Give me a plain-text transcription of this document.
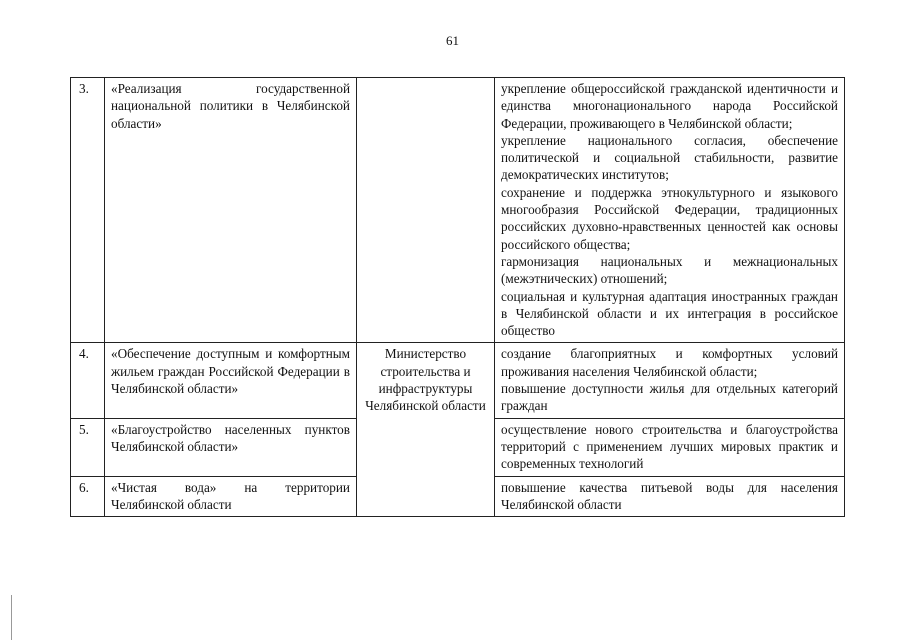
61
3.	«Реализация государственной национальной политики в Челябинской области»		укрепление общероссийской гражданской идентичности и единства многонационального народа Российской Федерации, проживающего в Челябинской области;
укрепление национального согласия, обеспечение политической и социальной стабильности, развитие демократических институтов;
сохранение и поддержка этнокультурного и языкового многообразия Российской Федерации, традиционных российских духовно-нравственных ценностей как основы российского общества;
гармонизация национальных и межнациональных (межэтнических) отношений;
социальная и культурная адаптация иностранных граждан в Челябинской области и их интеграция в российское общество

4.	«Обеспечение доступным и комфортным жильем граждан Российской Федерации в Челябинской области»	Министерство строительства и инфраструктуры Челябинской области	создание благоприятных и комфортных условий проживания населения Челябинской области;
повышение доступности жилья для отдельных категорий граждан

5.	«Благоустройство населенных пунктов Челябинской области»		осуществление нового строительства и благоустройства территорий с применением лучших мировых практик и современных технологий

6.	«Чистая вода» на территории Челябинской области		повышение качества питьевой воды для населения Челябинской области
